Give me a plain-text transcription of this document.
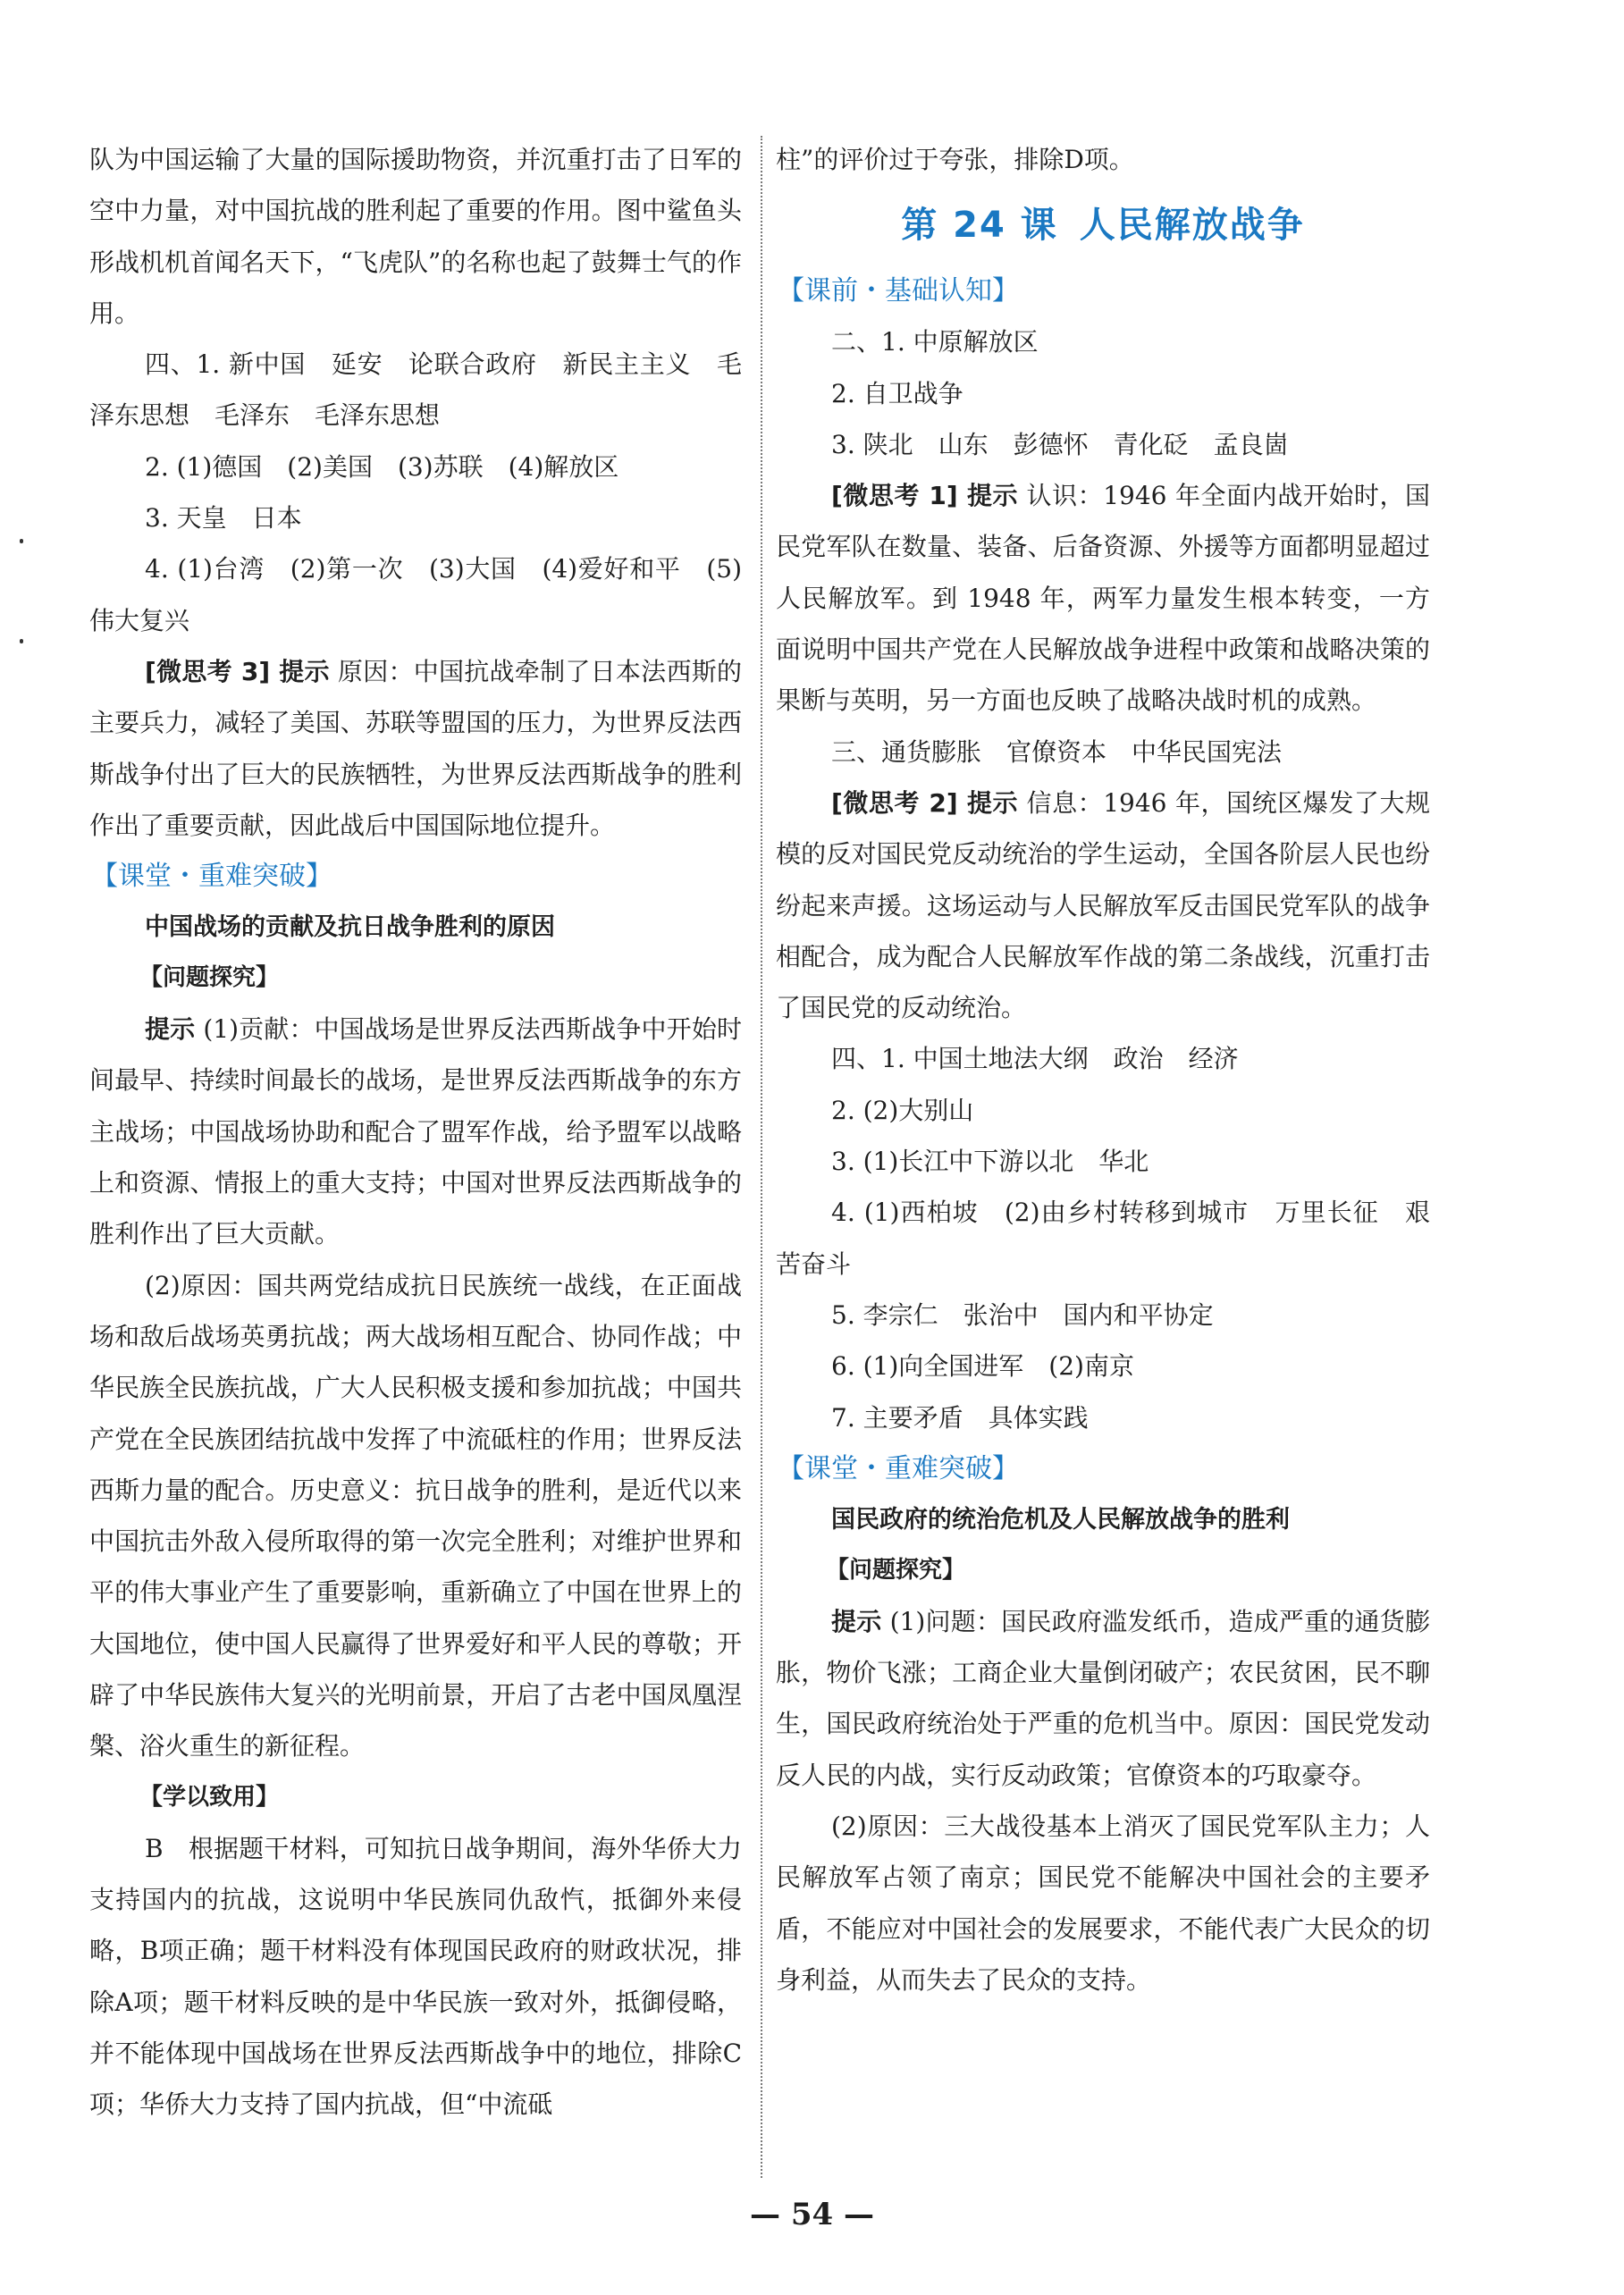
队为中国运输了大量的国际援助物资，并沉重打击了日军的空中力量，对中国抗战的胜利起了重要的作用。图中鲨鱼头形战机机首闻名天下，“飞虎队”的名称也起了鼓舞士气的作用。

四、1. 新中国　延安　论联合政府　新民主主义　毛泽东思想　毛泽东　毛泽东思想

2. (1)德国　(2)美国　(3)苏联　(4)解放区

3. 天皇　日本

4. (1)台湾　(2)第一次　(3)大国　(4)爱好和平　(5)伟大复兴

[微思考 3] 提示 原因：中国抗战牵制了日本法西斯的主要兵力，减轻了美国、苏联等盟国的压力，为世界反法西斯战争付出了巨大的民族牺牲，为世界反法西斯战争的胜利作出了重要贡献，因此战后中国国际地位提升。

【课堂・重难突破】
中国战场的贡献及抗日战争胜利的原因
【问题探究】

提示 (1)贡献：中国战场是世界反法西斯战争中开始时间最早、持续时间最长的战场，是世界反法西斯战争的东方主战场；中国战场协助和配合了盟军作战，给予盟军以战略上和资源、情报上的重大支持；中国对世界反法西斯战争的胜利作出了巨大贡献。

(2)原因：国共两党结成抗日民族统一战线，在正面战场和敌后战场英勇抗战；两大战场相互配合、协同作战；中华民族全民族抗战，广大人民积极支援和参加抗战；中国共产党在全民族团结抗战中发挥了中流砥柱的作用；世界反法西斯力量的配合。历史意义：抗日战争的胜利，是近代以来中国抗击外敌入侵所取得的第一次完全胜利；对维护世界和平的伟大事业产生了重要影响，重新确立了中国在世界上的大国地位，使中国人民赢得了世界爱好和平人民的尊敬；开辟了中华民族伟大复兴的光明前景，开启了古老中国凤凰涅槃、浴火重生的新征程。

【学以致用】

B　根据题干材料，可知抗日战争期间，海外华侨大力支持国内的抗战，这说明中华民族同仇敌忾，抵御外来侵略，B项正确；题干材料没有体现国民政府的财政状况，排除A项；题干材料反映的是中华民族一致对外，抵御侵略，并不能体现中国战场在世界反法西斯战争中的地位，排除C项；华侨大力支持了国内抗战，但“中流砥

柱”的评价过于夸张，排除D项。

第 24 课 人民解放战争
【课前・基础认知】

二、1. 中原解放区

2. 自卫战争

3. 陕北　山东　彭德怀　青化砭　孟良崮

[微思考 1] 提示 认识：1946 年全面内战开始时，国民党军队在数量、装备、后备资源、外援等方面都明显超过人民解放军。到 1948 年，两军力量发生根本转变，一方面说明中国共产党在人民解放战争进程中政策和战略决策的果断与英明，另一方面也反映了战略决战时机的成熟。

三、通货膨胀　官僚资本　中华民国宪法

[微思考 2] 提示 信息：1946 年，国统区爆发了大规模的反对国民党反动统治的学生运动，全国各阶层人民也纷纷起来声援。这场运动与人民解放军反击国民党军队的战争相配合，成为配合人民解放军作战的第二条战线，沉重打击了国民党的反动统治。

四、1. 中国土地法大纲　政治　经济

2. (2)大别山

3. (1)长江中下游以北　华北

4. (1)西柏坡　(2)由乡村转移到城市　万里长征　艰苦奋斗

5. 李宗仁　张治中　国内和平协定

6. (1)向全国进军　(2)南京

7. 主要矛盾　具体实践

【课堂・重难突破】
国民政府的统治危机及人民解放战争的胜利
【问题探究】

提示 (1)问题：国民政府滥发纸币，造成严重的通货膨胀，物价飞涨；工商企业大量倒闭破产；农民贫困，民不聊生，国民政府统治处于严重的危机当中。原因：国民党发动反人民的内战，实行反动政策；官僚资本的巧取豪夺。

(2)原因：三大战役基本上消灭了国民党军队主力；人民解放军占领了南京；国民党不能解决中国社会的主要矛盾，不能应对中国社会的发展要求，不能代表广大民众的切身利益，从而失去了民众的支持。

— 54 —
